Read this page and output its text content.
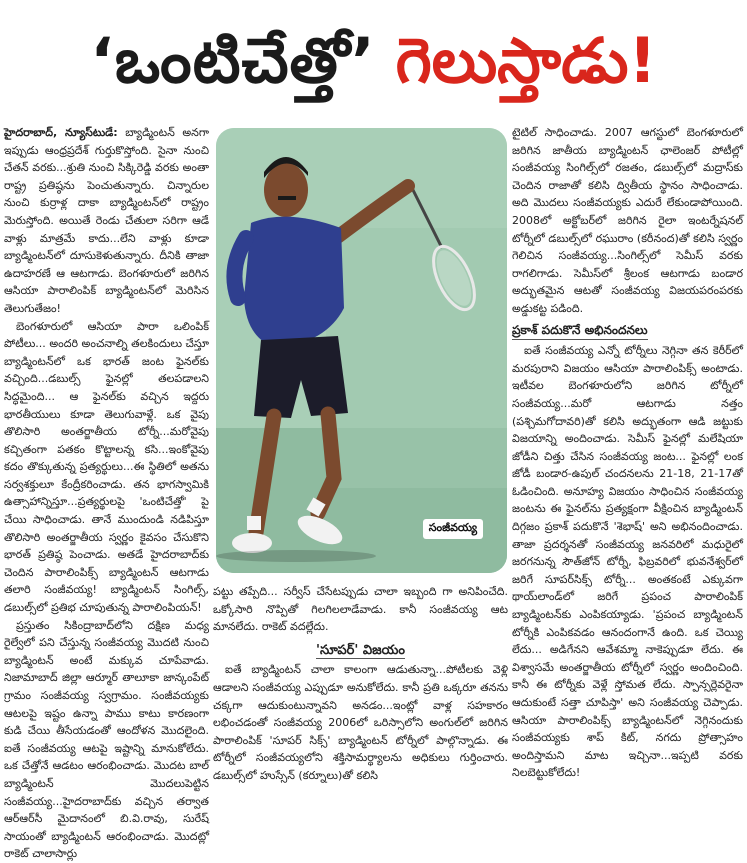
‘ఒంటిచేత్తో’ గెలుస్తాడు!

హైదరాబాద్, న్యూస్‌టుడే: బ్యాడ్మింటన్ అనగా ఇప్పుడు ఆంధ్రప్రదేశ్ గుర్తుకొస్తోంది. సైనా నుంచి చేతన్ వరకు...శ్రుతి నుంచి సిక్కిరెడ్డి వరకు అంతా రాష్ట్ర ప్రతిష్ఠను పెంచుతున్నారు. చిన్నారుల నుంచి కుర్రాళ్ల దాకా బ్యాడ్మింటన్‌లో రాష్ట్రం మెరుస్తోంది. అయితే రెండు చేతులా సరిగా ఆడే వాళ్లు మాత్రమే కాదు...లేని వాళ్లు కూడా బ్యాడ్మింటన్‌లో దూసుకెళుతున్నారు. దీనికి తాజా ఉదాహరణే ఆ ఆటగాడు. బెంగళూరులో జరిగిన ఆసియా పారాలింపిక్ బ్యాడ్మింటన్‌లో మెరిసిన తెలుగుతేజం!

బెంగళూరులో ఆసియా పారా ఒలింపిక్ పోటీలు... అందరి అంచనాల్ని తలకిందులు చేస్తూ బ్యాడ్మింటన్‌లో ఒక భారత్ జంట ఫైనల్‌కు వచ్చింది...డబుల్స్ ఫైనల్లో తలపడాలని సిద్ధమైంది... ఆ ఫైనల్‌కు వచ్చిన ఇద్దరు భారతీయులు కూడా తెలుగువాళ్లే. ఒక వైపు తొలిసారి అంతర్జాతీయ టోర్నీ...మరోవైపు కచ్చితంగా పతకం కొట్టాలన్న కసి...ఇంకోవైపు కదం తొక్కుతున్న ప్రత్యర్థులు...ఈ స్థితిలో అతను సర్వశక్తులూ కేంద్రీకరించాడు. తన భాగస్వామికి ఉత్సాహాన్నిస్తూ...ప్రత్యర్థులపై 'ఒంటిచేత్తో' పై చేయి సాధించాడు. తానే ముందుండి నడిపిస్తూ తొలిసారి అంతర్జాతీయ స్వర్ణం కైవసం చేసుకొని భారత్ ప్రతిష్ఠ పెంచాడు. అతడే హైదరాబాద్‌కు చెందిన పారాలింపిక్స్ బ్యాడ్మింటన్ ఆటగాడు తలారి సంజీవయ్య! బ్యాడ్మింటన్ సింగిల్స్, డబుల్స్‌లో ప్రతిభ చూపుతున్న పారాలింపియన్!

ప్రస్తుతం సికింద్రాబాద్‌లోని దక్షిణ మధ్య రైల్వేలో పని చేస్తున్న సంజీవయ్య మొదటి నుంచి బ్యాడ్మింటన్ అంటే మక్కువ చూపేవాడు. నిజామాబాద్ జిల్లా ఆర్మూర్ తాలూకా జాన్కంపేట్ గ్రామం సంజీవయ్య స్వగ్రామం. సంజీవయ్యకు ఆటలపై ఇష్టం ఉన్నా పాము కాటు కారణంగా కుడి చేయి తీసేయడంతో ఆందోళన మొదలైంది. ఐతే సంజీవయ్య ఆటపై ఇష్టాన్ని మానుకోలేదు. ఒక చేత్తోనే ఆడటం ఆరంభించాడు. మొదట బాల్ బ్యాడ్మింటన్ మొదలుపెట్టిన సంజీవయ్య...హైదరాబాద్‌కు వచ్చిన తర్వాత ఆర్‌ఆర్‌సీ మైదానంలో బి.వి.రావు, సురేష్ సాయంతో బ్యాడ్మింటన్ ఆరంభించాడు. మొదట్లో రాకెట్ చాలాసార్లు

సంజీవయ్య

పట్టు తప్పేది... సర్వీస్ చేసేటప్పుడు చాలా ఇబ్బంది గా అనిపించేది. ఒక్కోసారి నొప్పితో గిలగిలలాడేవాడు. కానీ సంజీవయ్య ఆట మానలేదు. రాకెట్ వదల్లేదు.

'సూపర్' విజయం

ఐతే బ్యాడ్మింటన్ చాలా కాలంగా ఆడుతున్నా...పోటీలకు వెళ్లి ఆడాలని సంజీవయ్య ఎప్పుడూ అనుకోలేదు. కానీ ప్రతి ఒక్కరూ తనను చక్కగా ఆదుకుంటున్నావని అనడం...ఇంట్లో వాళ్ల సహకారం లభించడంతో సంజీవయ్య 2006లో ఒరిస్సాలోని అంగుల్‌లో జరిగిన పారాలింపిక్ 'సూపర్ సిక్స్' బ్యాడ్మింటన్ టోర్నీలో పాల్గొన్నాడు. ఈ టోర్నీలో సంజీవయ్యలోని శక్తిసామర్థ్యాలను అధికులు గుర్తించారు. డబుల్స్‌లో హుస్సేన్ (కర్నూలు)తో కలిసి

టైటిల్ సాధించాడు. 2007 ఆగస్టులో బెంగళూరులో జరిగిన జాతీయ బ్యాడ్మింటన్ ఛాలెంజర్ పోటీల్లో సంజీవయ్య సింగిల్స్‌లో రజతం, డబుల్స్‌లో మద్రాస్‌కు చెందిన రాజాతో కలిసి ద్వితీయ స్థానం సాధించాడు. అది మొదలు సంజీవయ్యకు ఎదురే లేకుండాపోయింది. 2008లో అక్టోబర్‌లో జరిగిన రైలా ఇంటర్నేషనల్ టోర్నీలో డబుల్స్‌లో రఘురాం (కరీనంద)తో కలిసి స్వర్ణం గెలిచిన సంజీవయ్య...సింగిల్స్‌లో సెమీస్ వరకు రాగలిగాడు. సెమీస్‌లో శ్రీలంక ఆటగాడు బండార అద్భుతమైన ఆటతో సంజీవయ్య విజయపరంపరకు అడ్డుకట్ట పడింది.

ప్రకాశ్ పదుకొనే అభినందనలు

ఐతే సంజీవయ్య ఎన్నో టోర్నీలు నెగ్గినా తన కెరీర్‌లో మరపురాని విజయం ఆసియా పారాలింపిక్స్ అంటాడు. ఇటీవల బెంగళూరులోని జరిగిన టోర్నీలో సంజీవయ్య...మరో ఆటగాడు నత్తం (పశ్చిమగోదావరి)తో కలిసి అద్భుతంగా ఆడి జట్టుకు విజయాన్ని అందించాడు. సెమీస్ ఫైనల్లో మలేషియా జోడీని చిత్తు చేసిన సంజీవయ్య జంట... ఫైనల్లో లంక జోడీ బండార-ఉపుల్ చందనలను 21-18, 21-17తో ఓడించింది. అనూహ్య విజయం సాధించిన సంజీవయ్య జంటను ఈ ఫైనల్‌ను ప్రత్యక్షంగా వీక్షించిన బ్యాడ్మింటన్ దిగ్గజం ప్రకాశ్ పదుకొనే 'శెభాష్' అని అభినందించాడు. తాజా ప్రదర్శనతో సంజీవయ్య జనవరిలో మధురైలో జరగనున్న సౌత్‌జోన్ టోర్నీ, ఫిబ్రవరిలో భువనేశ్వర్‌లో జరిగే సూపర్‌సిక్స్ టోర్నీ... అంతకంటే ఎక్కువగా థాయ్‌లాండ్‌లో జరిగే ప్రపంచ పారాలింపిక్ బ్యాడ్మింటన్‌కు ఎంపికయ్యాడు. 'ప్రపంచ బ్యాడ్మింటన్ టోర్నీకి ఎంపికవడం ఆనందంగానే ఉంది. ఒక చెయ్యి లేదు... అడిగేనని ఆవేశమ్మా నాకెప్పుడూ లేదు. ఈ విశ్వాసమే అంతర్జాతీయ టోర్నీలో స్వర్ణం అందించింది. కానీ ఈ టోర్నీకు వెళ్లే స్తోమత లేదు. స్పాన్సర్లెవరైనా ఆదుకుంటే సత్తా చూపిస్తా' అని సంజీవయ్య చెప్పాడు. ఆసియా పారాలింపిక్స్ బ్యాడ్మింటన్‌లో నెగ్గినందుకు సంజీవయ్యకు శాప్ కిట్, నగదు ప్రోత్సాహం అందిస్తామని మాట ఇచ్చినా...ఇప్పటి వరకు నిలబెట్టుకోలేదు!
